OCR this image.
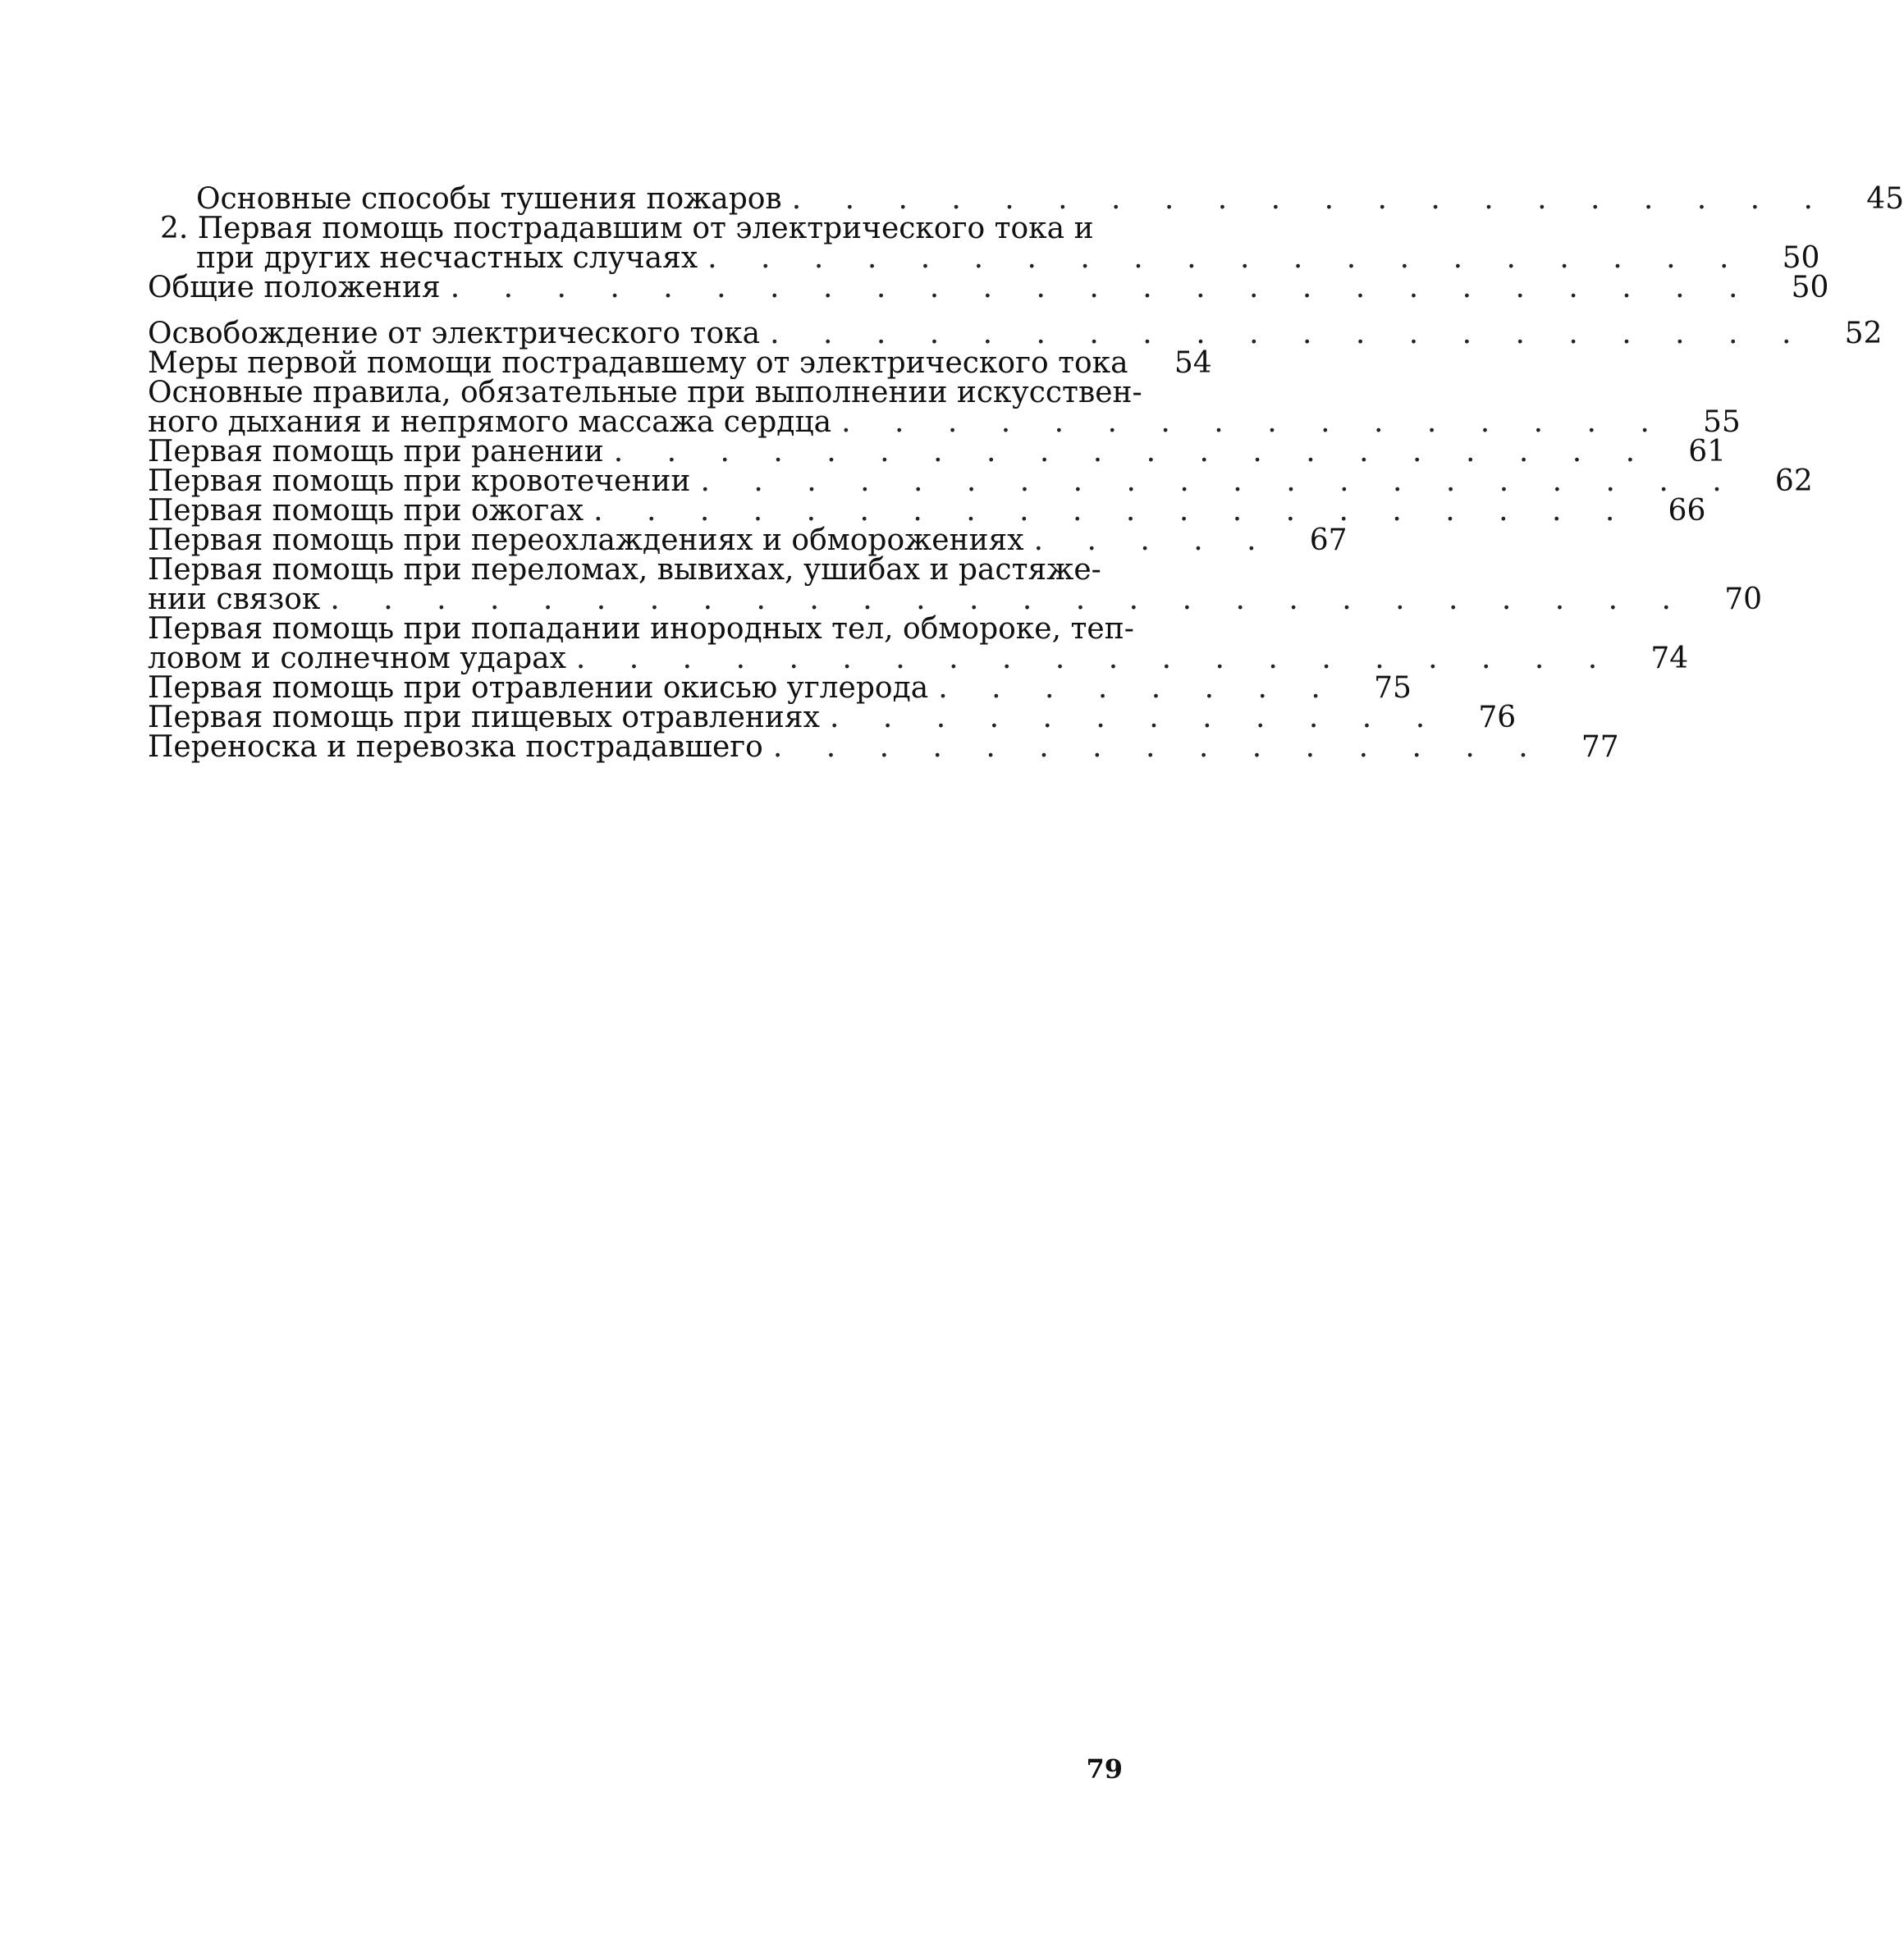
Основные способы тушения пожаров . . . . . . . . . . . . . . . . . . . .	45
2. Первая помощь пострадавшим от электрического тока и
при других несчастных случаях . . . . . . . . . . . . . . . . . . . .	50
Общие положения . . . . . . . . . . . . . . . . . . . . . . . . .	50
Освобождение от электрического тока . . . . . . . . . . . . . . . . . . . .	52
Меры первой помощи пострадавшему от электрического тока	54
Основные правила, обязательные при выполнении искусствен-
ного дыхания и непрямого массажа сердца . . . . . . . . . . . . . . . .	55
Первая помощь при ранении . . . . . . . . . . . . . . . . . . . .	61
Первая помощь при кровотечении . . . . . . . . . . . . . . . . . . . .	62
Первая помощь при ожогах . . . . . . . . . . . . . . . . . . . .	66
Первая помощь при переохлаждениях и обморожениях . . . . .	67
Первая помощь при переломах, вывихах, ушибах и растяже-
нии связок . . . . . . . . . . . . . . . . . . . . . . . . . .	70
Первая помощь при попадании инородных тел, обмороке, теп-
ловом и солнечном ударах . . . . . . . . . . . . . . . . . . . .	74
Первая помощь при отравлении окисью углерода . . . . . . . .	75
Первая помощь при пищевых отравлениях . . . . . . . . . . . .	76
Переноска и перевозка пострадавшего . . . . . . . . . . . . . . .	77
79
